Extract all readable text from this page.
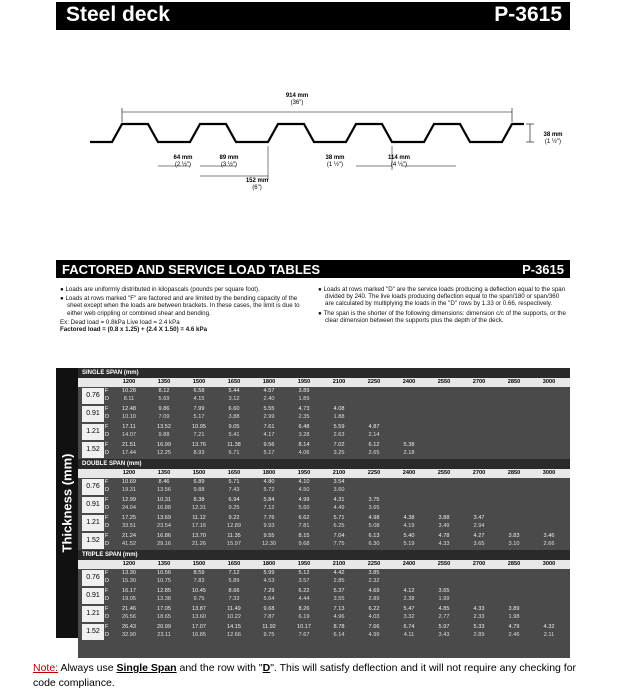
Steel deck	P-3615
914 mm
(36")
64 mm
(2 ½")
89 mm
(3 ½")
152 mm
(6")
38 mm
(1 ½")
114 mm
(4 ½")
38 mm
(1 ½")
FACTORED AND SERVICE LOAD TABLES	P-3615

● Loads are uniformly distributed in kilopascals (pounds per square foot).

● Loads at rows marked "F" are factored and are limited by the bending capacity of the sheet except when the loads are between brackets. In these cases, the limit is due to either web crippling or combined shear and bending.

Ex: Dead load = 0.8kPa Live load = 2.4 kPa

Factored load = (0.8 x 1.25) + (2.4 X 1.50) = 4.6 kPa

● Loads at rows marked "D" are the service loads producing a deflection equal to the span divided by 240. The live loads producing deflection equal to the span/180 or span/360 are calculated by multiplying the loads in the "D" rows by 1.33 or 0.66, respectively.

● The span is the shorter of the following dimensions: dimension c/c of the supports, or the clear dimension between the supports plus the depth of the deck.

Thickness (mm)
SINGLE SPAN (mm)
1200	1350	1500	1650	1800	1950	2100	2250	2400	2550	2700	2850	3000
0.76
F
D
10.28	8.12	6.58	5.44	4.57	3.89
8.11	5.69	4.15	3.12	2.40	1.89
0.91
F
D
12.48	9.86	7.99	6.60	5.55	4.73	4.08
10.10	7.09	5.17	3.88	2.99	2.35	1.88
1.21
F
D
17.11	13.52	10.95	9.05	7.61	6.48	5.59	4.87
14.07	9.88	7.21	5.41	4.17	3.28	2.63	2.14
1.52
F
D
21.51	16.99	13.76	11.38	9.56	8.14	7.02	6.12	5.38
17.44	12.25	8.93	6.71	5.17	4.06	3.25	2.65	2.18
DOUBLE SPAN (mm)
1200	1350	1500	1650	1800	1950	2100	2250	2400	2550	2700	2850	3000
0.76
F
D
10.69	8.46	6.89	5.71	4.80	4.10	3.54
19.31	13.56	9.88	7.43	5.72	4.50	3.60
0.91
F
D
12.99	10.31	8.38	6.94	5.84	4.99	4.31	3.75
24.04	16.88	12.31	9.25	7.12	5.60	4.49	3.65
1.21
F
D
17.25	13.69	11.12	9.22	7.76	6.62	5.71	4.98	4.38	3.88	3.47
33.51	23.54	17.16	12.89	9.93	7.81	6.25	5.08	4.19	3.49	2.94
1.52
F
D
21.24	16.86	13.70	11.35	9.55	8.15	7.04	6.13	5.40	4.78	4.27	3.83	3.46
41.52	29.16	21.26	15.97	12.30	9.68	7.75	6.30	5.19	4.33	3.65	3.10	2.66
TRIPLE SPAN (mm)
1200	1350	1500	1650	1800	1950	2100	2250	2400	2550	2700	2850	3000
0.76
F
D
13.30	10.56	8.59	7.12	5.99	5.12	4.42	3.85
15.30	10.75	7.83	5.89	4.53	3.57	2.85	2.32
0.91
F
D
16.17	12.85	10.45	8.66	7.29	6.22	5.37	4.69	4.12	3.65
19.05	13.38	9.75	7.33	5.64	4.44	3.55	2.89	2.38	1.99
1.21
F
D
21.46	17.05	13.87	11.49	9.68	8.26	7.13	6.22	5.47	4.85	4.33	3.89
26.56	18.65	13.60	10.22	7.87	6.19	4.96	4.03	3.32	2.77	2.33	1.98
1.52
F
D
26.43	20.99	17.07	14.15	11.92	10.17	8.78	7.66	6.74	5.97	5.33	4.79	4.32
32.90	23.11	16.85	12.66	9.75	7.67	6.14	4.99	4.11	3.43	2.89	2.46	2.11
Note: Always use Single Span and the row with "D". This will satisfy deflection and it will not require any checking for code compliance.
